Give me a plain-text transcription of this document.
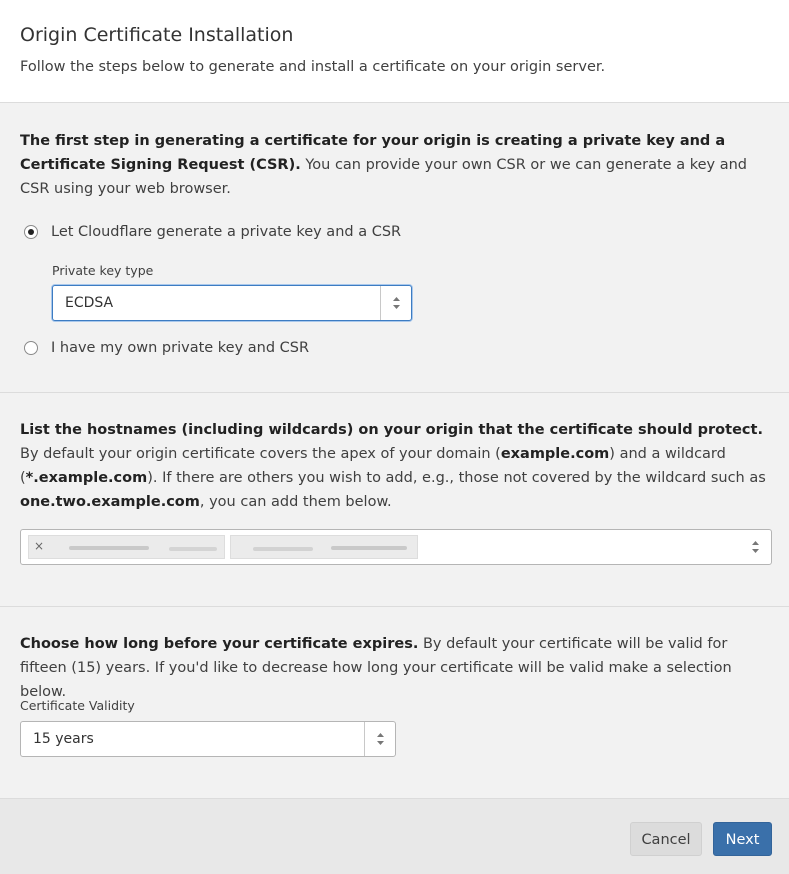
Origin Certificate Installation

Follow the steps below to generate and install a certificate on your origin server.

The first step in generating a certificate for your origin is creating a private key and a Certificate Signing Request (CSR). You can provide your own CSR or we can generate a key and CSR using your web browser.

Let Cloudflare generate a private key and a CSR
Private key type
ECDSA
I have my own private key and CSR

List the hostnames (including wildcards) on your origin that the certificate should protect. By default your origin certificate covers the apex of your domain (example.com) and a wildcard (*.example.com). If there are others you wish to add, e.g., those not covered by the wildcard such as one.two.example.com, you can add them below.

×

Choose how long before your certificate expires. By default your certificate will be valid for fifteen (15) years. If you'd like to decrease how long your certificate will be valid make a selection below.

Certificate Validity
15 years
Cancel	Next
